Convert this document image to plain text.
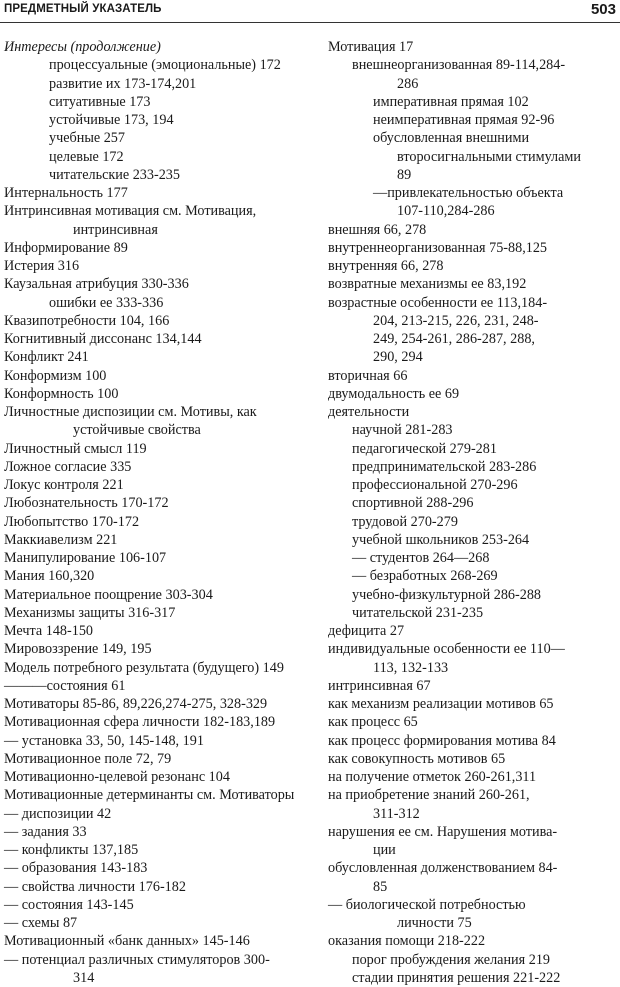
ПРЕДМЕТНЫЙ УКАЗАТЕЛЬ	503
Интересы (продолжение)
процессуальные (эмоциональные) 172
развитие их 173-174,201
ситуативные 173
устойчивые 173, 194
учебные 257
целевые 172
читательские 233-235
Интернальность 177
Интринсивная мотивация см. Мотивация,
интринсивная
Информирование 89
Истерия 316
Каузальная атрибуция 330-336
ошибки ее 333-336
Квазипотребности 104, 166
Когнитивный диссонанс 134,144
Конфликт 241
Конформизм 100
Конформность 100
Личностные диспозиции см. Мотивы, как
устойчивые свойства
Личностный смысл 119
Ложное согласие 335
Локус контроля 221
Любознательность 170-172
Любопытство 170-172
Маккиавелизм 221
Манипулирование 106-107
Мания 160,320
Материальное поощрение 303-304
Механизмы защиты 316-317
Мечта 148-150
Мировоззрение 149, 195
Модель потребного результата (будущего) 149
———состояния 61
Мотиваторы 85-86, 89,226,274-275, 328-329
Мотивационная сфера личности 182-183,189
— установка 33, 50, 145-148, 191
Мотивационное поле 72, 79
Мотивационно-целевой резонанс 104
Мотивационные детерминанты см. Мотиваторы
— диспозиции 42
— задания 33
— конфликты 137,185
— образования 143-183
— свойства личности 176-182
— состояния 143-145
— схемы 87
Мотивационный «банк данных» 145-146
— потенциал различных стимуляторов 300-
314
Мотивация 17
внешнеорганизованная 89-114,284-
286
императивная прямая 102
неимперативная прямая 92-96
обусловленная внешними
второсигнальными стимулами
89
—привлекательностью объекта
107-110,284-286
внешняя 66, 278
внутреннеорганизованная 75-88,125
внутренняя 66, 278
возвратные механизмы ее 83,192
возрастные особенности ее 113,184-
204, 213-215, 226, 231, 248-
249, 254-261, 286-287, 288,
290, 294
вторичная 66
двумодальность ее 69
деятельности
научной 281-283
педагогической 279-281
предпринимательской 283-286
профессиональной 270-296
спортивной 288-296
трудовой 270-279
учебной школьников 253-264
— студентов 264—268
— безработных 268-269
учебно-физкультурной 286-288
читательской 231-235
дефицита 27
индивидуальные особенности ее 110—
113, 132-133
интринсивная 67
как механизм реализации мотивов 65
как процесс 65
как процесс формирования мотива 84
как совокупность мотивов 65
на получение отметок 260-261,311
на приобретение знаний 260-261,
311-312
нарушения ее см. Нарушения мотива-
ции
обусловленная долженствованием 84-
85
— биологической потребностью
личности 75
оказания помощи 218-222
порог пробуждения желания 219
стадии принятия решения 221-222
